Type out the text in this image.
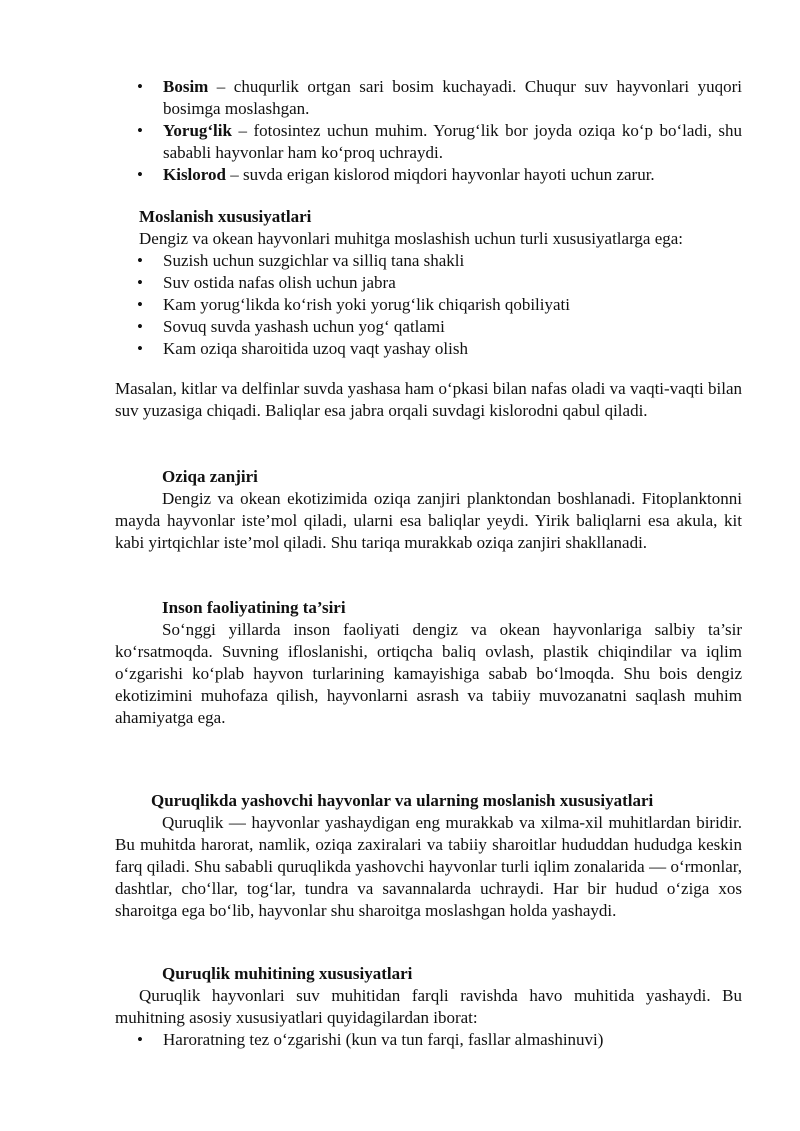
• Bosim – chuqurlik ortgan sari bosim kuchayadi. Chuqur suv hayvonlari yuqori bosimga moslashgan.
• Yorug‘lik – fotosintez uchun muhim. Yorug‘lik bor joyda oziqa ko‘p bo‘ladi, shu sababli hayvonlar ham ko‘proq uchraydi.
• Kislorod – suvda erigan kislorod miqdori hayvonlar hayoti uchun zarur.
Moslanish xususiyatlari

Dengiz va okean hayvonlari muhitga moslashish uchun turli xususiyatlarga ega:

• Suzish uchun suzgichlar va silliq tana shakli
• Suv ostida nafas olish uchun jabra
• Kam yorug‘likda ko‘rish yoki yorug‘lik chiqarish qobiliyati
• Sovuq suvda yashash uchun yog‘ qatlami
• Kam oziqa sharoitida uzoq vaqt yashay olish

Masalan, kitlar va delfinlar suvda yashasa ham o‘pkasi bilan nafas oladi va vaqti-vaqti bilan suv yuzasiga chiqadi. Baliqlar esa jabra orqali suvdagi kislorodni qabul qiladi.

Oziqa zanjiri

Dengiz va okean ekotizimida oziqa zanjiri planktondan boshlanadi. Fitoplanktonni mayda hayvonlar iste’mol qiladi, ularni esa baliqlar yeydi. Yirik baliqlarni esa akula, kit kabi yirtqichlar iste’mol qiladi. Shu tariqa murakkab oziqa zanjiri shakllanadi.

Inson faoliyatining ta’siri

So‘nggi yillarda inson faoliyati dengiz va okean hayvonlariga salbiy ta’sir ko‘rsatmoqda. Suvning ifloslanishi, ortiqcha baliq ovlash, plastik chiqindilar va iqlim o‘zgarishi ko‘plab hayvon turlarining kamayishiga sabab bo‘lmoqda. Shu bois dengiz ekotizimini muhofaza qilish, hayvonlarni asrash va tabiiy muvozanatni saqlash muhim ahamiyatga ega.

Quruqlikda yashovchi hayvonlar va ularning moslanish xususiyatlari

Quruqlik — hayvonlar yashaydigan eng murakkab va xilma-xil muhitlardan biridir. Bu muhitda harorat, namlik, oziqa zaxiralari va tabiiy sharoitlar hududdan hududga keskin farq qiladi. Shu sababli quruqlikda yashovchi hayvonlar turli iqlim zonalarida — o‘rmonlar, dashtlar, cho‘llar, tog‘lar, tundra va savannalarda uchraydi. Har bir hudud o‘ziga xos sharoitga ega bo‘lib, hayvonlar shu sharoitga moslashgan holda yashaydi.

Quruqlik muhitining xususiyatlari

Quruqlik hayvonlari suv muhitidan farqli ravishda havo muhitida yashaydi. Bu muhitning asosiy xususiyatlari quyidagilardan iborat:

• Haroratning tez o‘zgarishi (kun va tun farqi, fasllar almashinuvi)
